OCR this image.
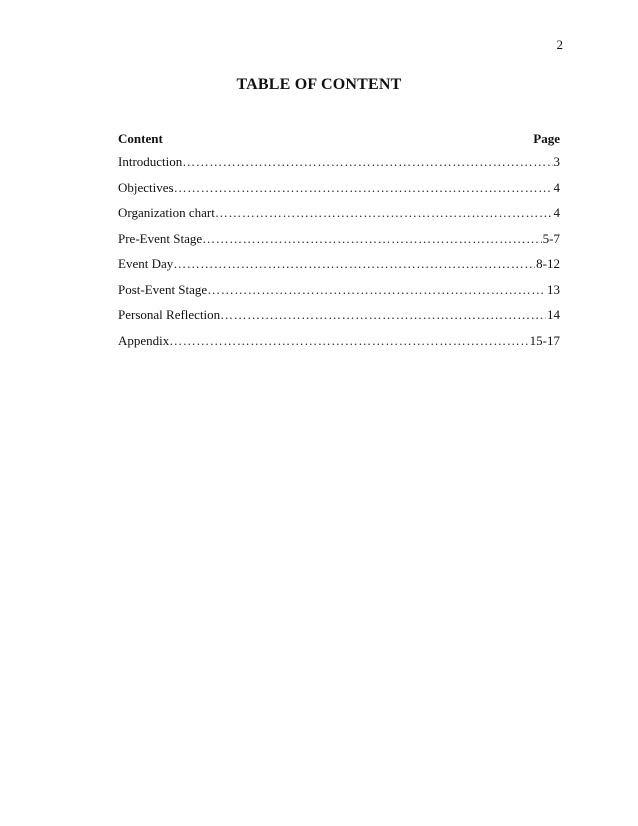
2
TABLE OF CONTENT
Content	Page
Introduction ……………………………………………………………………………………………………………………………………………………	3
Objectives ……………………………………………………………………………………………………………………………………………………	4
Organization chart ……………………………………………………………………………………………………………………………………………………	4
Pre-Event Stage ……………………………………………………………………………………………………………………………………………………	5-7
Event Day ……………………………………………………………………………………………………………………………………………………	8-12
Post-Event Stage ……………………………………………………………………………………………………………………………………………………	13
Personal Reflection ……………………………………………………………………………………………………………………………………………………	14
Appendix ……………………………………………………………………………………………………………………………………………………	15-17
